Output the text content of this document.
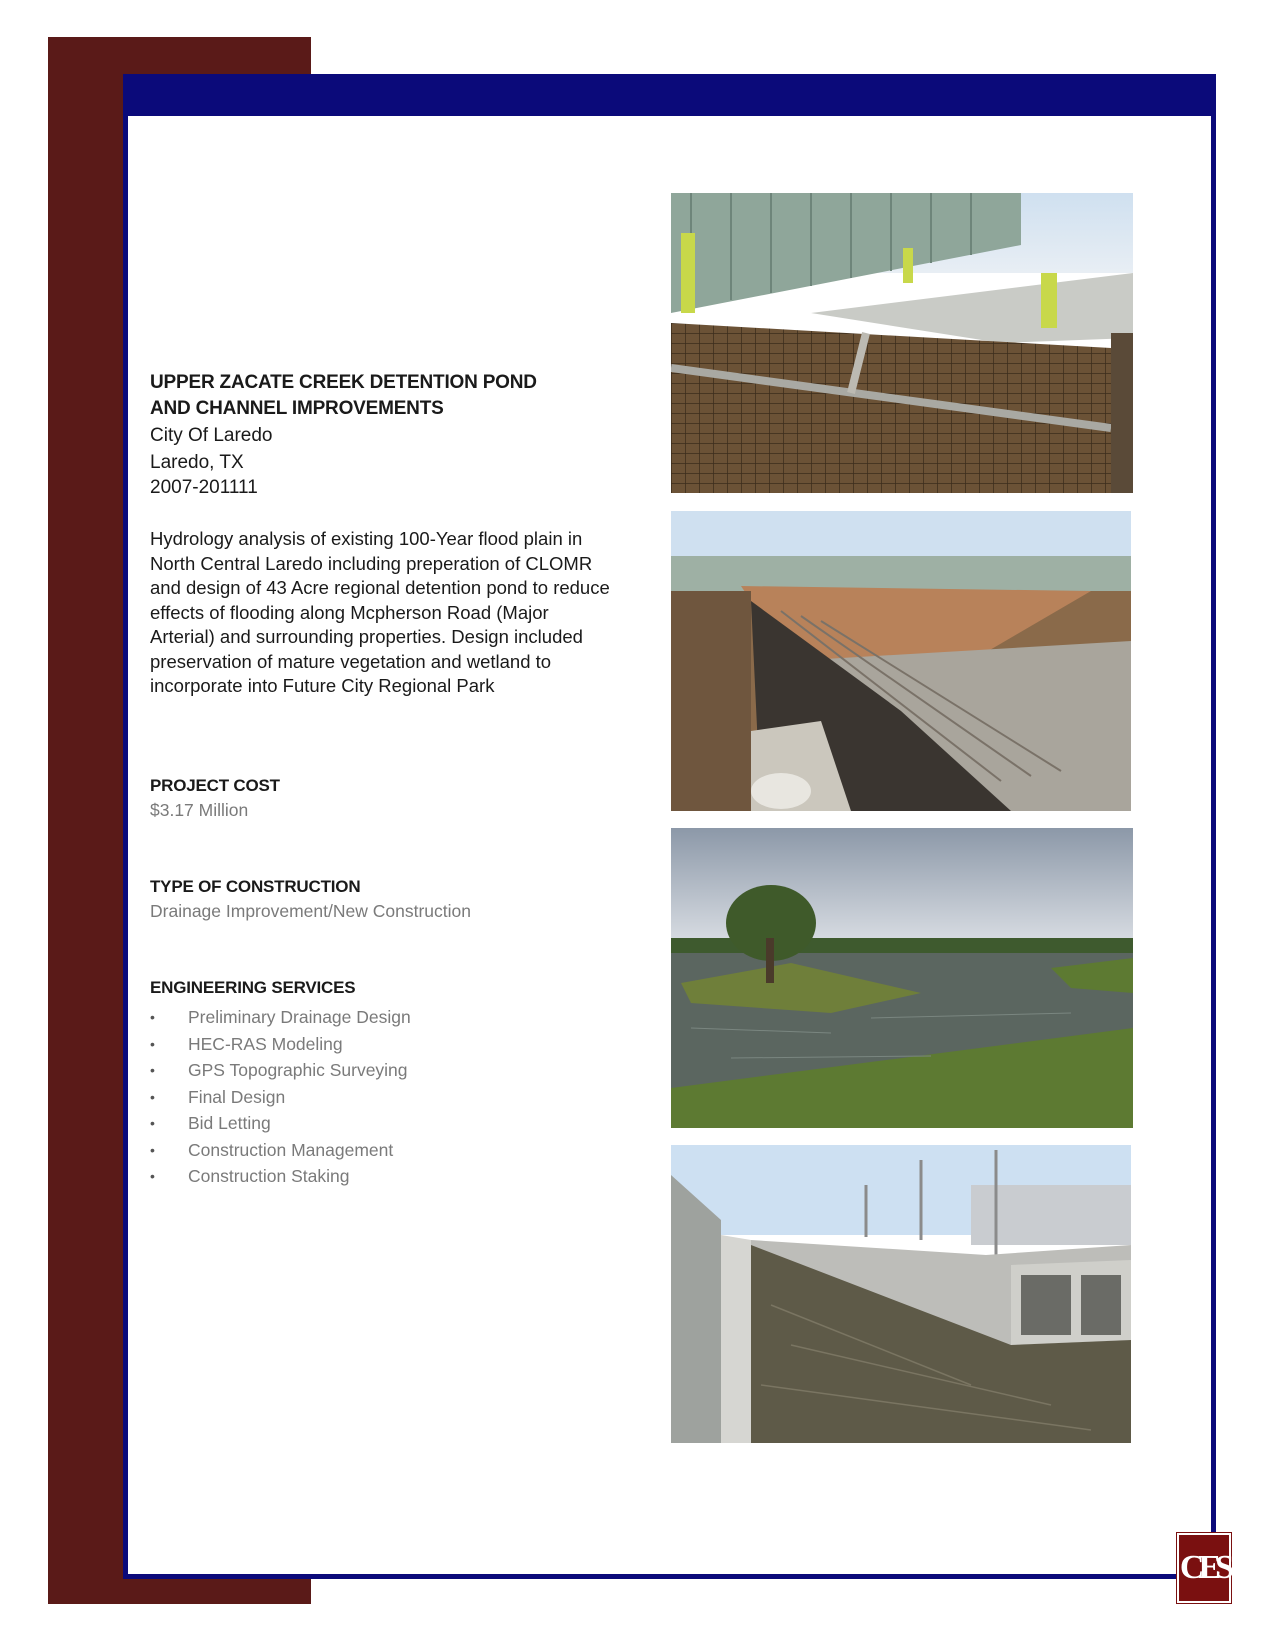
UPPER ZACATE CREEK DETENTION POND
AND CHANNEL IMPROVEMENTS
City Of Laredo
Laredo, TX
2007-201111
Hydrology analysis of existing 100-Year flood plain in North Central Laredo including preperation of CLOMR and design of 43 Acre regional detention pond to reduce effects of flooding along Mcpherson Road (Major Arterial) and surrounding properties. Design included preservation of mature vegetation and wetland to incorporate into Future City Regional Park
PROJECT COST
$3.17 Million
TYPE OF CONSTRUCTION
Drainage Improvement/New Construction
ENGINEERING SERVICES
• Preliminary Drainage Design
• HEC-RAS Modeling
• GPS Topographic Surveying
• Final Design
• Bid Letting
• Construction Management
• Construction Staking
CES
